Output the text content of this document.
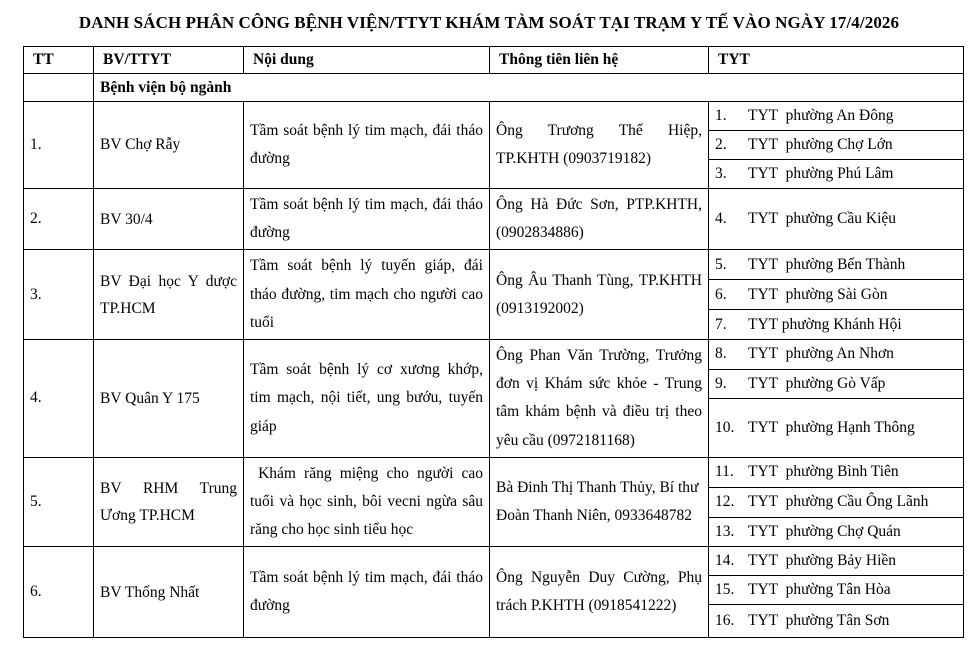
DANH SÁCH PHÂN CÔNG BỆNH VIỆN/TTYT KHÁM TÀM SOÁT TẠI TRẠM Y TẾ VÀO NGÀY 17/4/2026
TT	BV/TTYT	Nội dung	Thông tiên liên hệ	TYT
	Bệnh viện bộ ngành			
1.	BV Chợ Rẫy	Tầm soát bệnh lý tim mạch, đái tháo đường	Ông Trương Thế Hiệp, TP.KHTH (0903719182)	1. TYT  phường An Đông

				2. TYT  phường Chợ Lớn

				3. TYT  phường Phú Lâm

2.	BV 30/4	Tầm soát bệnh lý tim mạch, đái tháo đường	Ông Hà Đức Sơn, PTP.KHTH, (0902834886)	4. TYT  phường Cầu Kiệu

3.	BV Đại học Y dược TP.HCM	Tầm soát bệnh lý tuyến giáp, đái tháo đường, tim mạch cho người cao tuổi	Ông Âu Thanh Tùng, TP.KHTH (0913192002)	5. TYT  phường Bến Thành

				6. TYT  phường Sài Gòn

				7. TYT phường Khánh Hội

4.	BV Quân Y 175	Tầm soát bệnh lý cơ xương khớp, tim mạch, nội tiết, ung bướu, tuyến giáp	Ông Phan Văn Trường, Trưởng đơn vị Khám sức khỏe - Trung tâm khám bệnh và điều trị theo yêu cầu (0972181168)	8. TYT  phường An Nhơn

				9. TYT  phường Gò Vấp

				10. TYT  phường Hạnh Thông

5.	BV RHM Trung Ương TP.HCM	Khám răng miệng cho người cao tuổi và học sinh, bôi vecni ngừa sâu răng cho học sinh tiểu học	Bà Đinh Thị Thanh Thủy, Bí thư Đoàn Thanh Niên, 0933648782	11. TYT  phường Bình Tiên

				12. TYT  phường Cầu Ông Lãnh

				13. TYT  phường Chợ Quán

6.	BV Thống Nhất	Tầm soát bệnh lý tim mạch, đái tháo đường	Ông Nguyễn Duy Cường, Phụ trách P.KHTH (0918541222)	14. TYT  phường Bảy Hiền

				15. TYT  phường Tân Hòa

				16. TYT  phường Tân Sơn
